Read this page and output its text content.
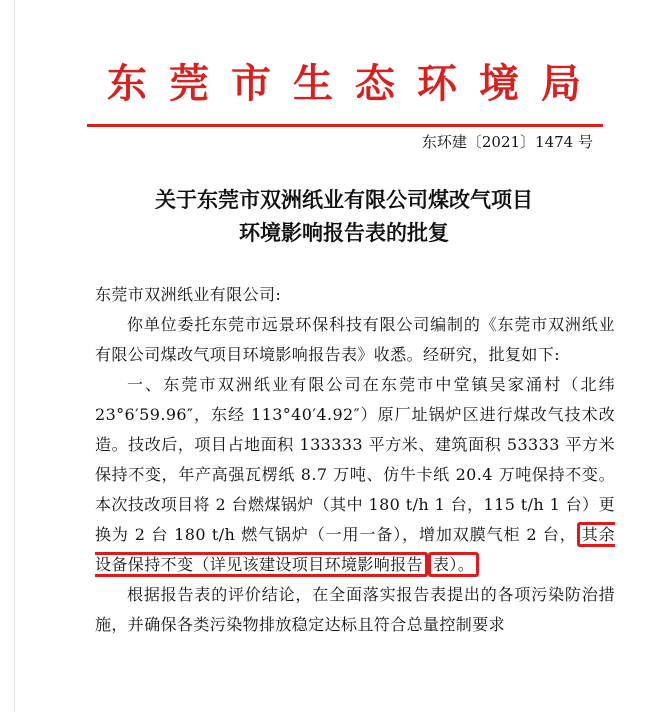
东莞市生态环境局
东环建〔2021〕1474 号
关于东莞市双洲纸业有限公司煤改气项目
环境影响报告表的批复

东莞市双洲纸业有限公司:

你单位委托东莞市远景环保科技有限公司编制的《东莞市双洲纸业有限公司煤改气项目环境影响报告表》收悉。经研究，批复如下:

一、东莞市双洲纸业有限公司在东莞市中堂镇吴家涌村（北纬 23°6′59.96″，东经 113°40′4.92″）原厂址锅炉区进行煤改气技术改造。技改后，项目占地面积 133333 平方米、建筑面积 53333 平方米保持不变，年产高强瓦楞纸 8.7 万吨、仿牛卡纸 20.4 万吨保持不变。本次技改项目将 2 台燃煤锅炉（其中 180 t/h 1 台，115 t/h 1 台）更换为 2 台 180 t/h 燃气锅炉（一用一备），增加双膜气柜 2 台， 其余设备保持不变（详见该建设项目环境影响报告 表）。

根据报告表的评价结论，在全面落实报告表提出的各项污染防治措施，并确保各类污染物排放稳定达标且符合总量控制要求
